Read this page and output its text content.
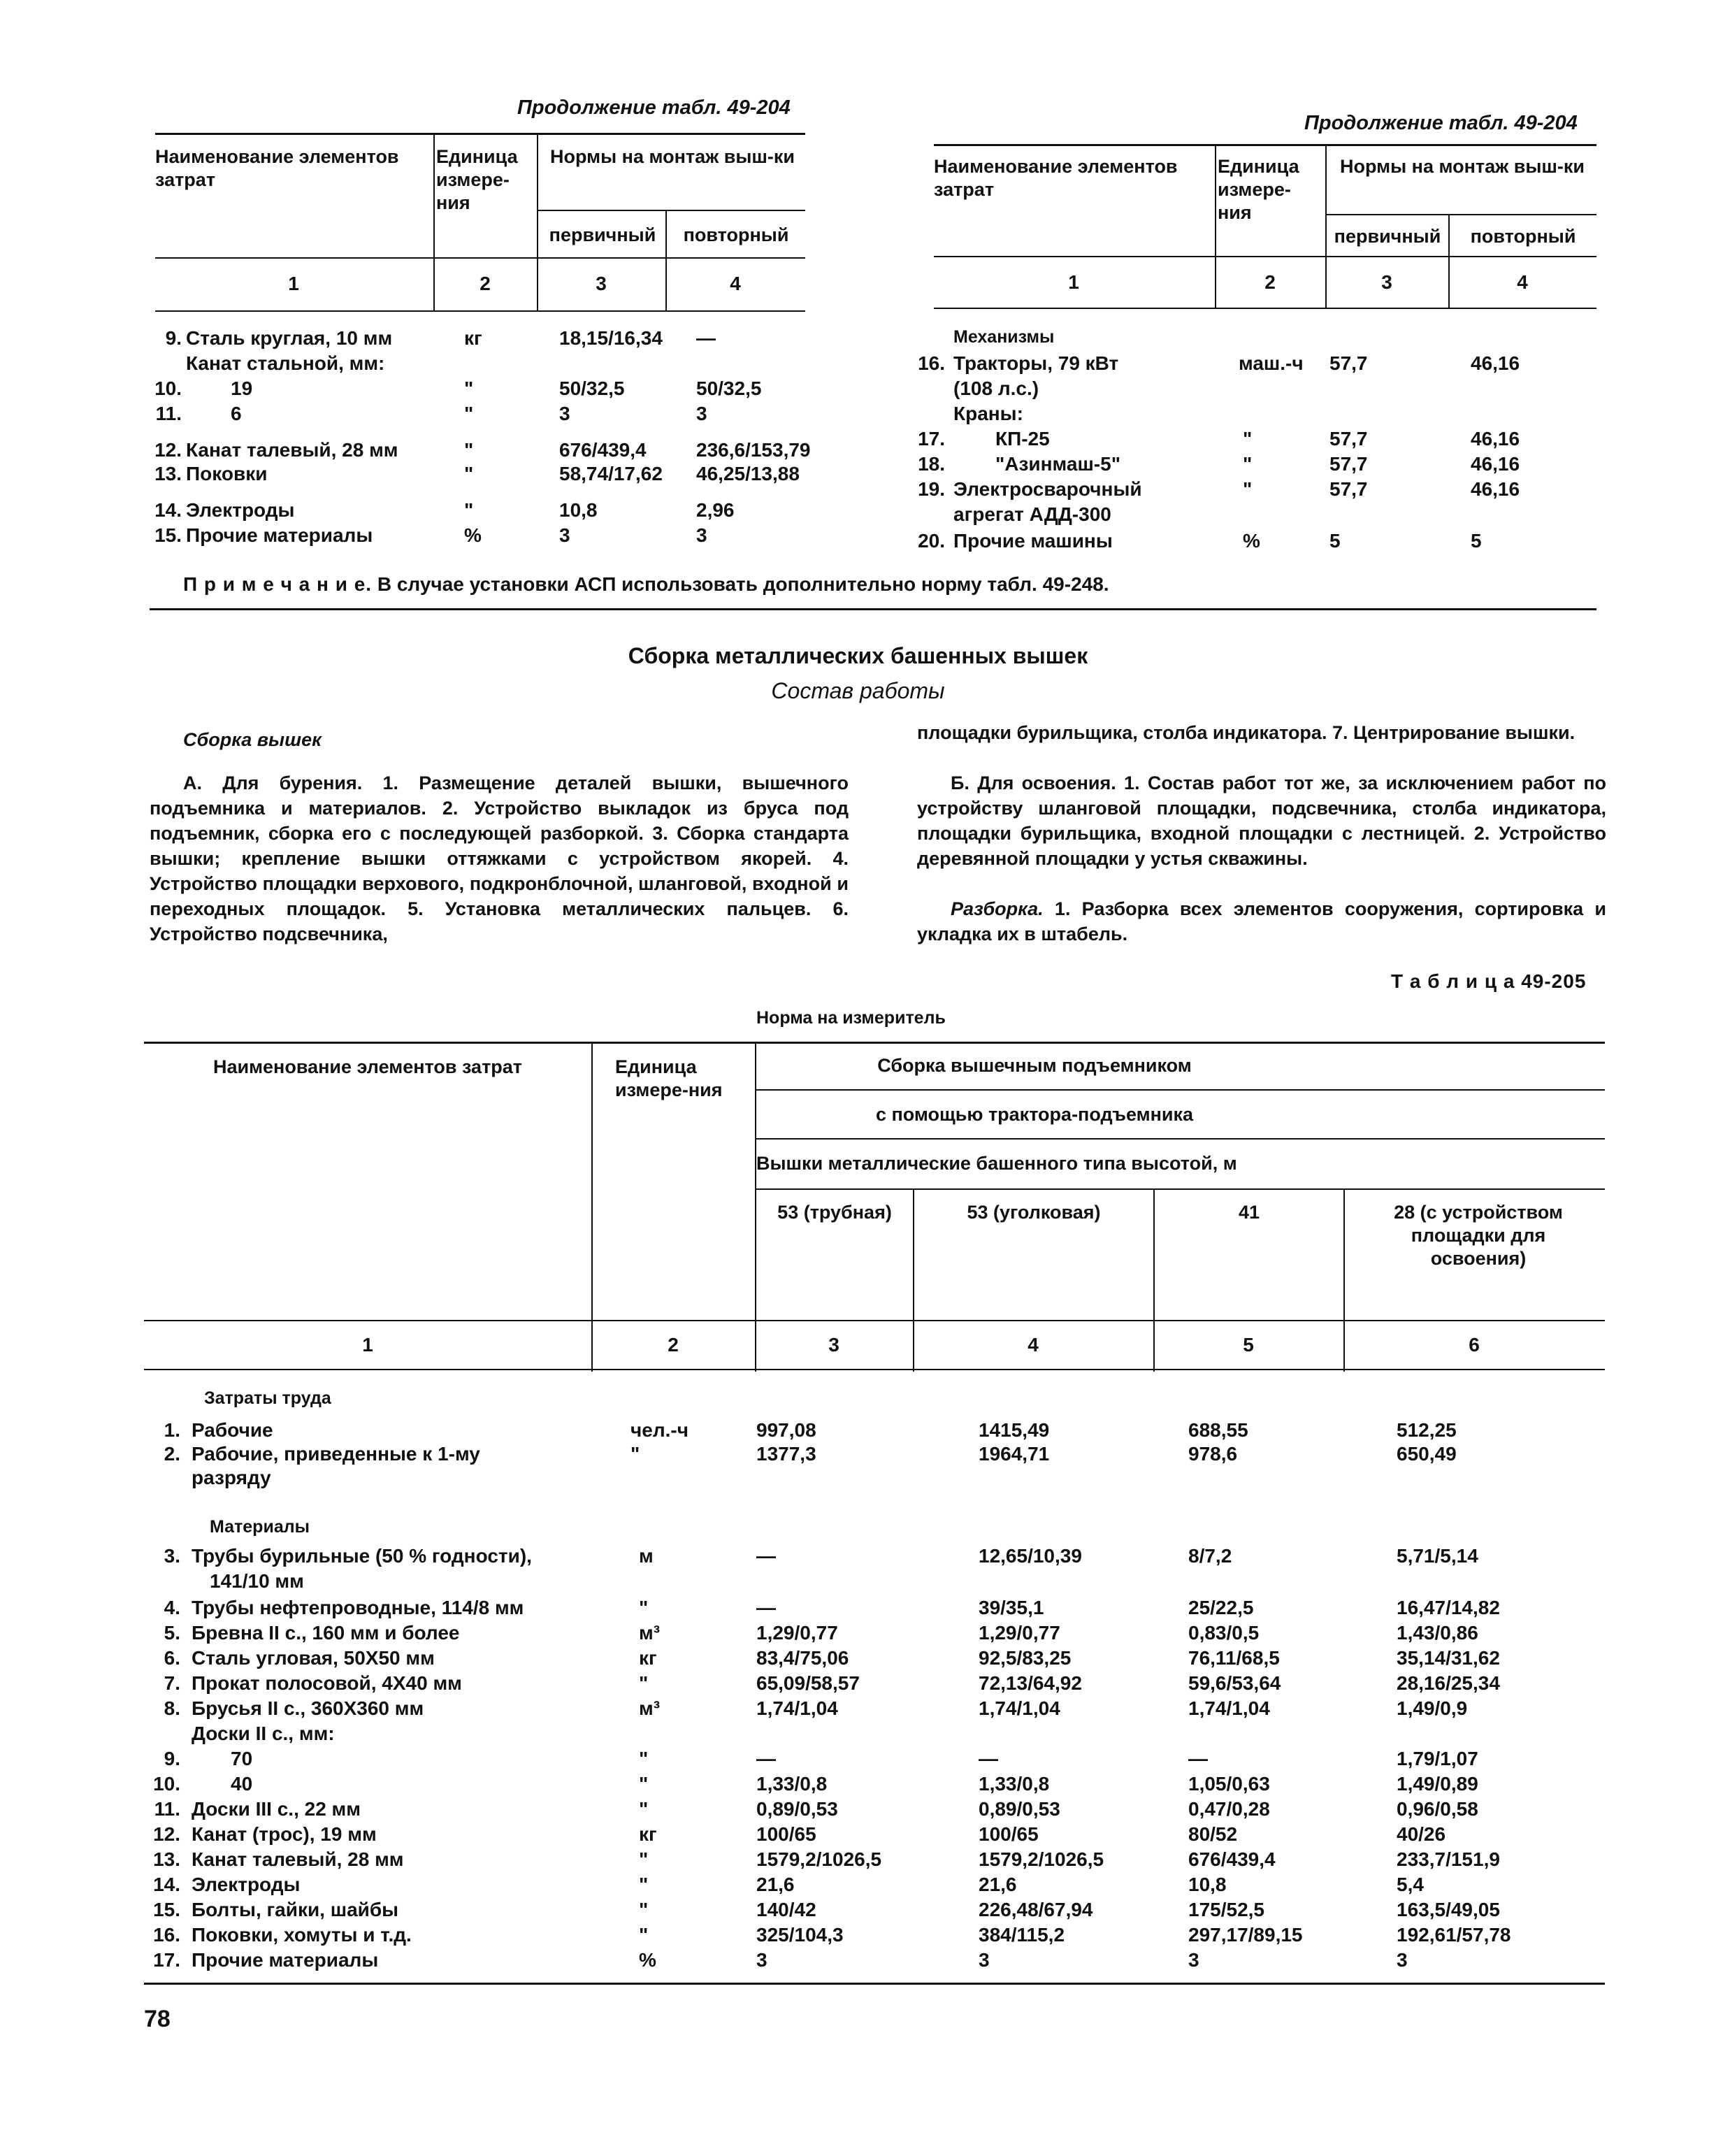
Продолжение табл. 49-204
Наименование элементов затрат
Единица измере-ния
Нормы на монтаж выш-ки
первичный	повторный
1	2	3	4
9. Сталь круглая, 10 мм	кг	18,15/16,34 —
Канат стальной, мм:
10.	19	"	50/32,5	50/32,5
11.	6	"	3	3
12. Канат талевый, 28 мм	"	676/439,4	236,6/153,79
13. Поковки	"	58,74/17,62 46,25/13,88
14. Электроды	"	10,8	2,96
15. Прочие материалы	%	3	3
Продолжение табл. 49-204
Наименование элементов затрат
Единица измере-ния
Нормы на монтаж выш-ки
первичный	повторный
1	2	3	4
Механизмы
16. Тракторы, 79 кВт	маш.-ч 57,7	46,16
(108 л.с.)
Краны:
17.	КП-25	"	57,7	46,16
18.	"Азинмаш-5"	"	57,7	46,16
19. Электросварочный	"	57,7	46,16
агрегат АДД-300
20. Прочие машины	%	5	5
П р и м е ч а н и е. В случае установки АСП использовать дополнительно норму табл. 49-248.
Сборка металлических башенных вышек
Состав работы
Сборка вышек
А. Для бурения. 1. Размещение деталей вышки, вышечного подъемника и материалов. 2. Устройство выкладок из бруса под подъемник, сборка его с последующей разборкой. 3. Сборка стандарта вышки; крепление вышки оттяжками с устройством якорей. 4. Устройство площадки верхового, подкронблочной, шланговой, входной и переходных площадок. 5. Установка металлических пальцев. 6. Устройство подсвечника,
площадки бурильщика, столба индикатора. 7. Центрирование вышки.
Б. Для освоения. 1. Состав работ тот же, за исключением работ по устройству шланговой площадки, подсвечника, столба индикатора, площадки бурильщика, входной площадки с лестницей. 2. Устройство деревянной площадки у устья скважины.
Разборка. 1. Разборка всех элементов сооружения, сортировка и укладка их в штабель.
Т а б л и ц а 49-205
Норма на измеритель
Наименование элементов затрат	Единица измере-ния
Сборка вышечным подъемником
с помощью трактора-подъемника
Вышки металлические башенного типа высотой, м
53 (трубная)	53 (уголковая)	41	28 (с устройством площадки для освоения)
1	2	3	4	5	6
Затраты труда
Материалы
1. Рабочие	чел.-ч	997,08	1415,49	688,55	512,25
2. Рабочие, приведенные к 1-му	"	1377,3	1964,71	978,6	650,49
разряду
3. Трубы бурильные (50 % годности),	м	—	12,65/10,39	8/7,2	5,71/5,14
141/10 мм
4. Трубы нефтепроводные, 114/8 мм	"	—	39/35,1	25/22,5	16,47/14,82
5. Бревна II с., 160 мм и более	м³	1,29/0,77	1,29/0,77	0,83/0,5	1,43/0,86
6. Сталь угловая, 50Х50 мм	кг	83,4/75,06	92,5/83,25	76,11/68,5	35,14/31,62
7. Прокат полосовой, 4Х40 мм	"	65,09/58,57	72,13/64,92	59,6/53,64	28,16/25,34
8. Брусья II с., 360Х360 мм	м³	1,74/1,04	1,74/1,04	1,74/1,04	1,49/0,9
Доски II с., мм:
9.	70	"	—	—	—	1,79/1,07
10.	40	"	1,33/0,8	1,33/0,8	1,05/0,63	1,49/0,89
11. Доски III с., 22 мм	"	0,89/0,53	0,89/0,53	0,47/0,28	0,96/0,58
12. Канат (трос), 19 мм	кг	100/65	100/65	80/52	40/26
13. Канат талевый, 28 мм	"	1579,2/1026,5	1579,2/1026,5	676/439,4	233,7/151,9
14. Электроды	"	21,6	21,6	10,8	5,4
15. Болты, гайки, шайбы	"	140/42	226,48/67,94	175/52,5	163,5/49,05
16. Поковки, хомуты и т.д.	"	325/104,3	384/115,2	297,17/89,15	192,61/57,78
17. Прочие материалы	%	3	3	3	3
78
